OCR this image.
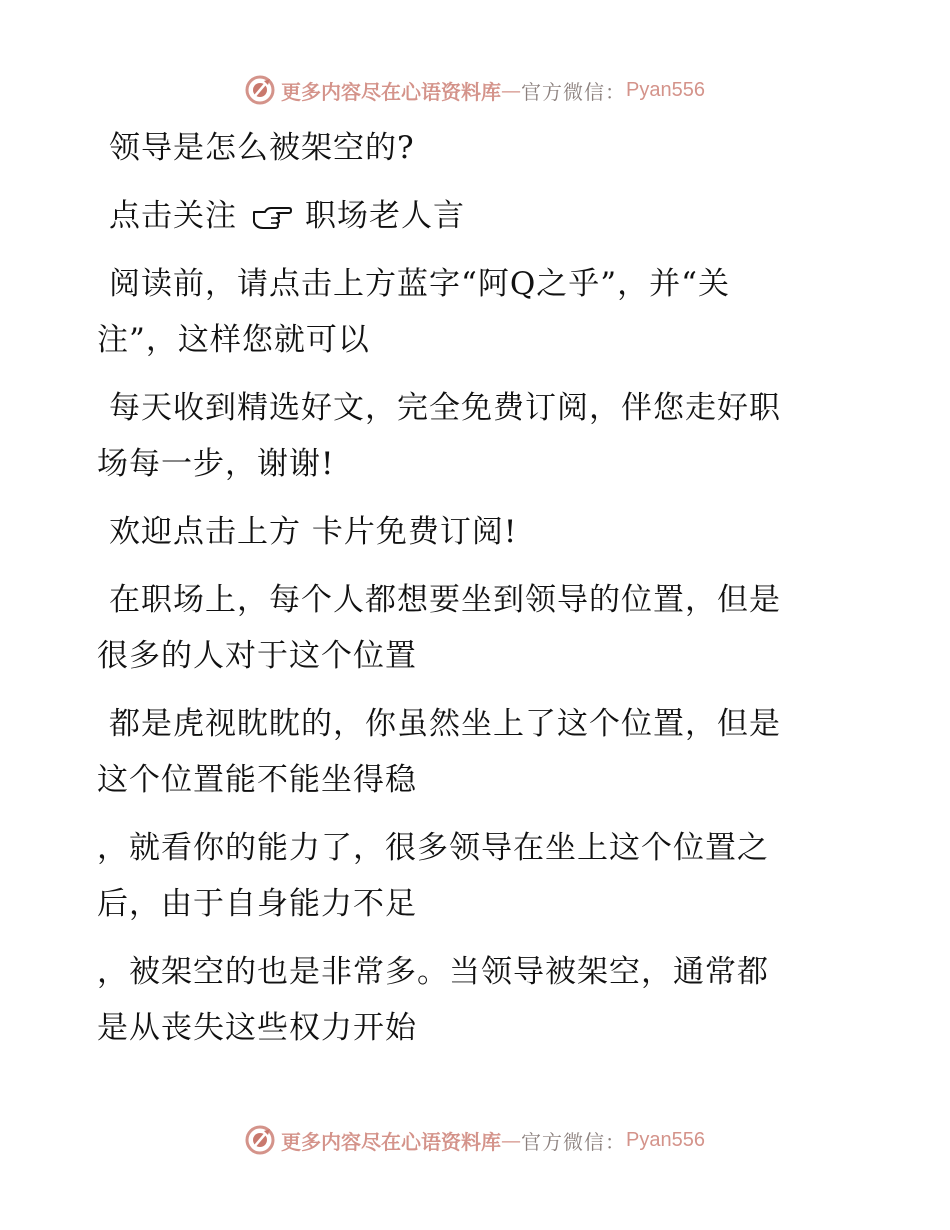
更多内容尽在心语资料库 — 官方微信： Pyan556
领导是怎么被架空的?
点击关注 职场老人言
阅读前，请点击上方蓝字“阿Q之乎”，并“关
注”，这样您就可以
每天收到精选好文，完全免费订阅，伴您走好职
场每一步，谢谢!
欢迎点击上方 卡片免费订阅!
在职场上，每个人都想要坐到领导的位置，但是
很多的人对于这个位置
都是虎视眈眈的，你虽然坐上了这个位置，但是
这个位置能不能坐得稳
，就看你的能力了，很多领导在坐上这个位置之
后，由于自身能力不足
，被架空的也是非常多。当领导被架空，通常都
是从丧失这些权力开始
更多内容尽在心语资料库 — 官方微信： Pyan556
